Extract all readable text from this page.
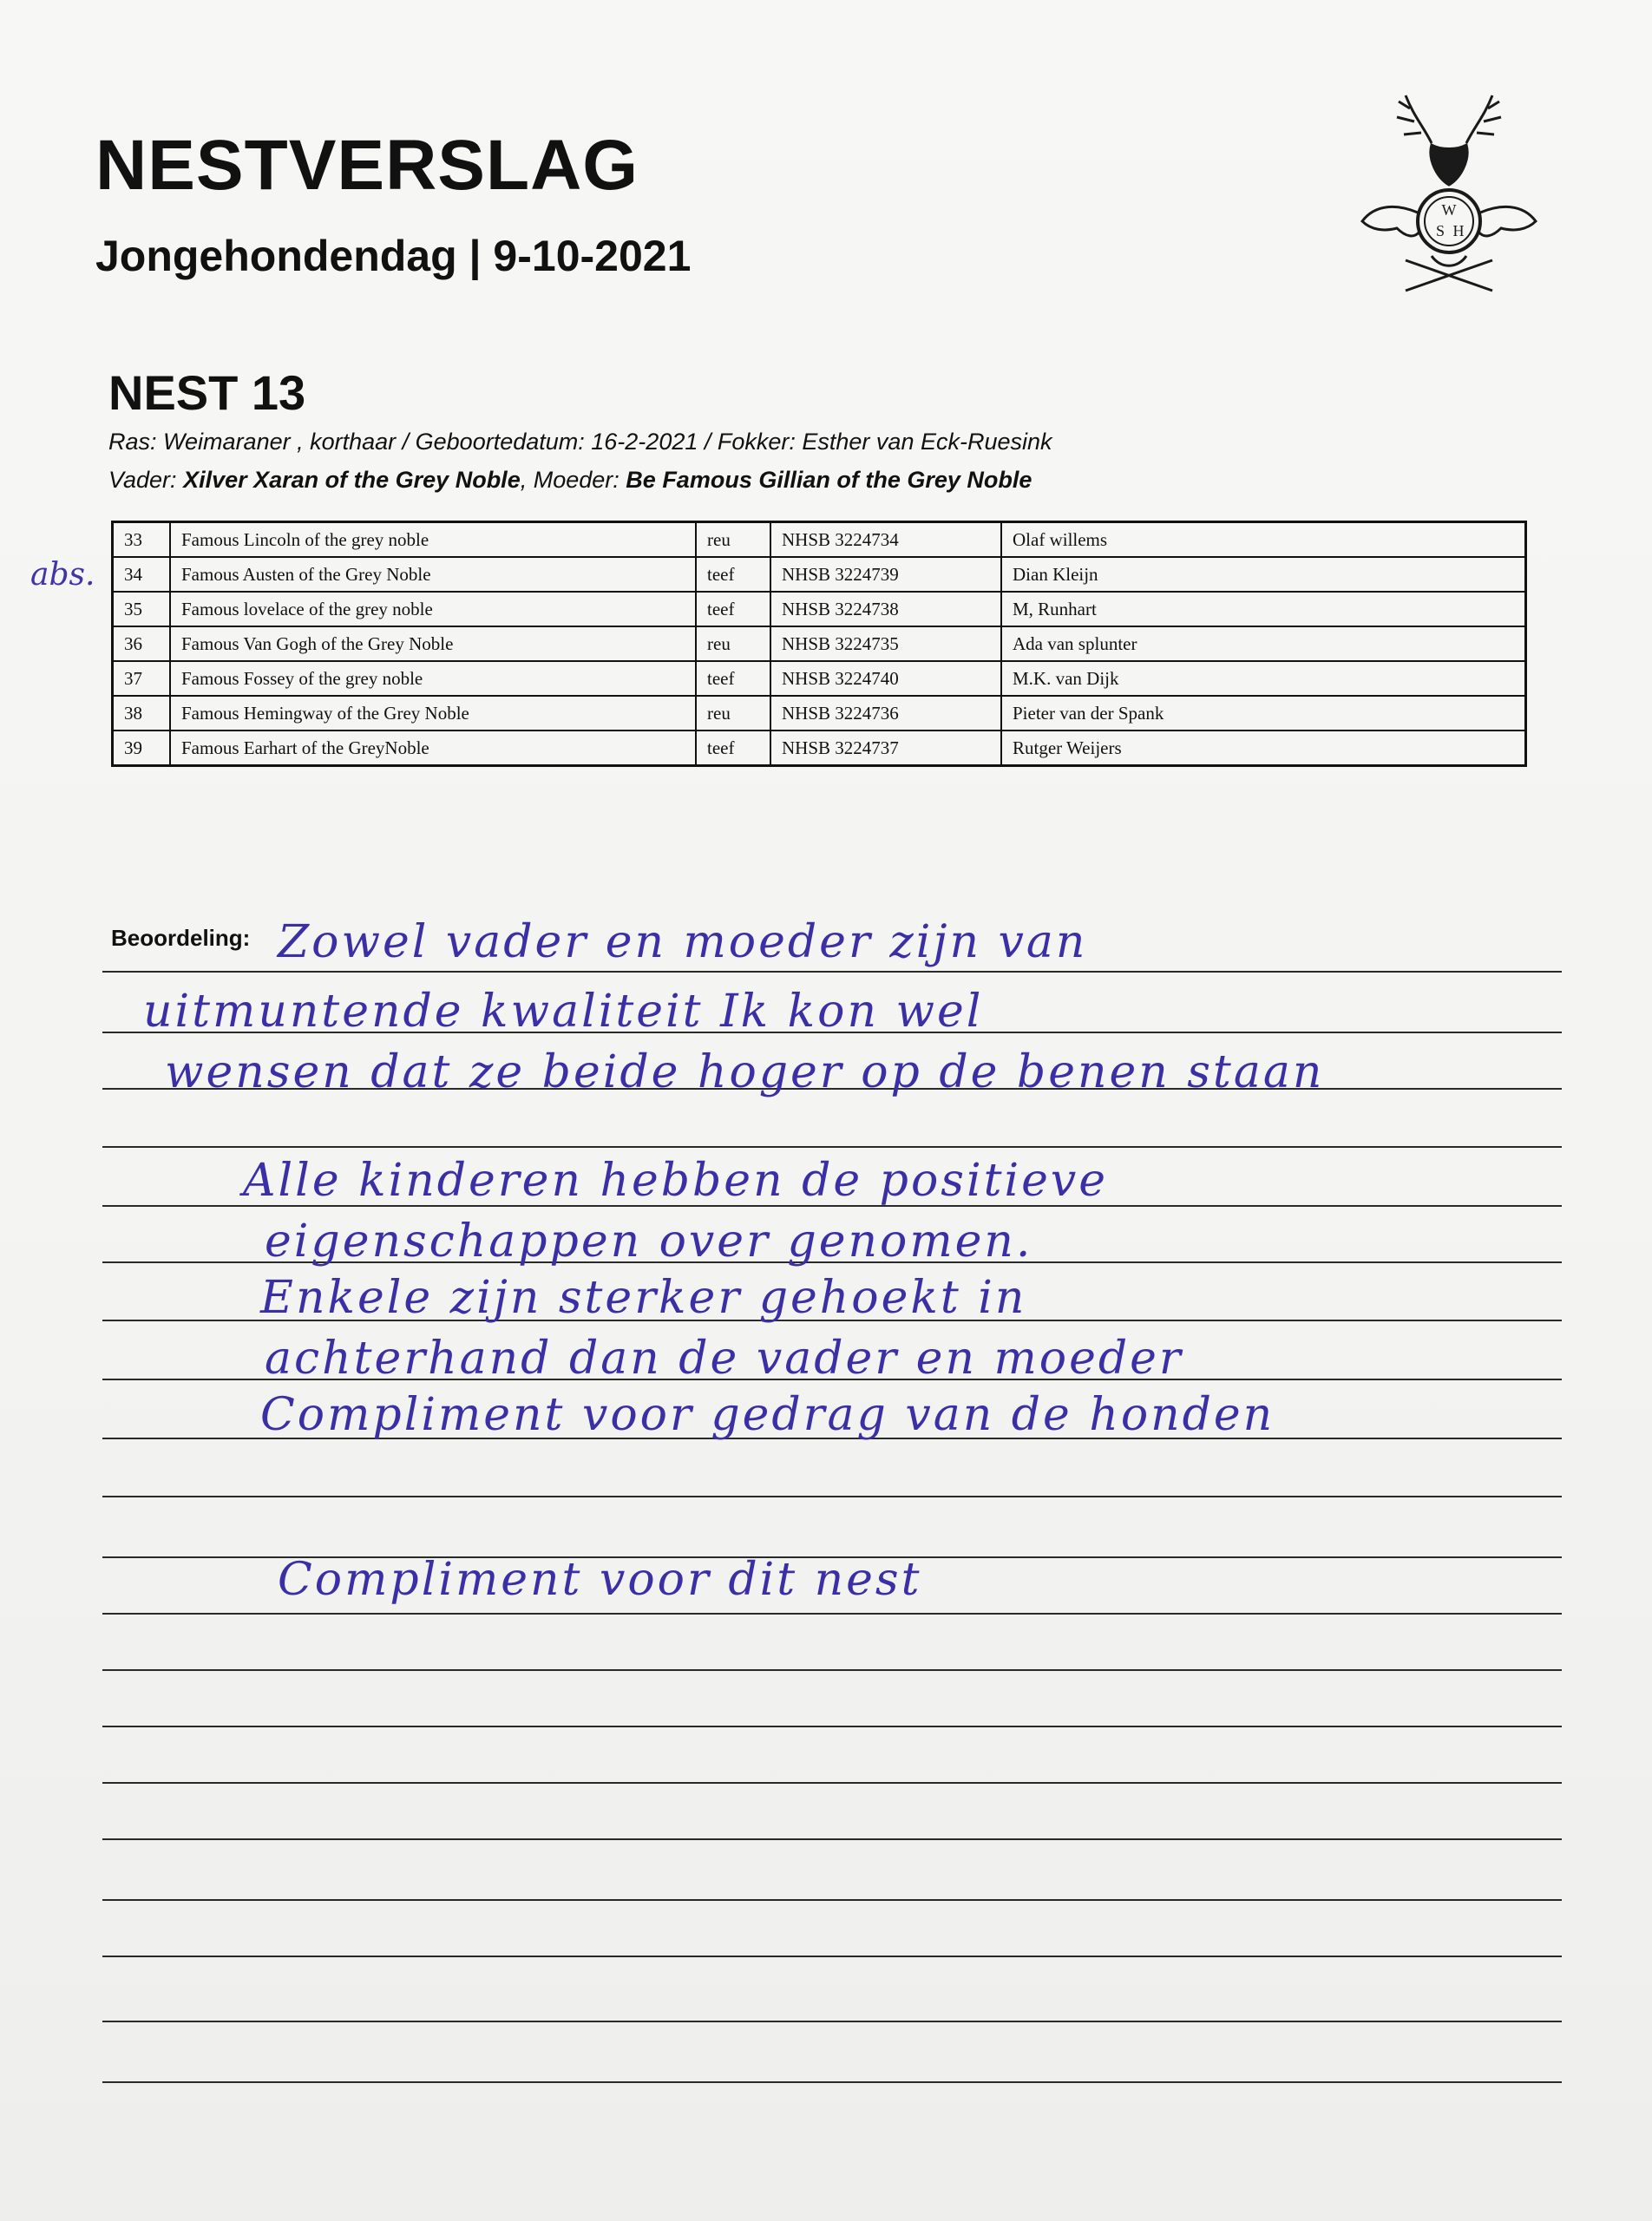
NESTVERSLAG
Jongehondendag | 9-10-2021
W
S H
NEST 13
Ras: Weimaraner , korthaar / Geboortedatum: 16-2-2021 / Fokker: Esther van Eck-Ruesink
Vader: Xilver Xaran of the Grey Noble, Moeder: Be Famous Gillian of the Grey Noble
abs.
33	Famous Lincoln of the grey noble	reu	NHSB 3224734	Olaf willems
34	Famous Austen of the Grey Noble	teef	NHSB 3224739	Dian Kleijn
35	Famous lovelace of the grey noble	teef	NHSB 3224738	M, Runhart
36	Famous Van Gogh of the Grey Noble	reu	NHSB 3224735	Ada van splunter
37	Famous Fossey of the grey noble	teef	NHSB 3224740	M.K. van Dijk
38	Famous Hemingway of the Grey Noble	reu	NHSB 3224736	Pieter van der Spank
39	Famous Earhart of the GreyNoble	teef	NHSB 3224737	Rutger Weijers
Beoordeling: Zowel vader en moeder zijn van
uitmuntende kwaliteit Ik kon wel
wensen dat ze beide hoger op de benen staan
Alle kinderen hebben de positieve
eigenschappen over genomen.
Enkele zijn sterker gehoekt in
achterhand dan de vader en moeder
Compliment voor gedrag van de honden
Compliment voor dit nest
